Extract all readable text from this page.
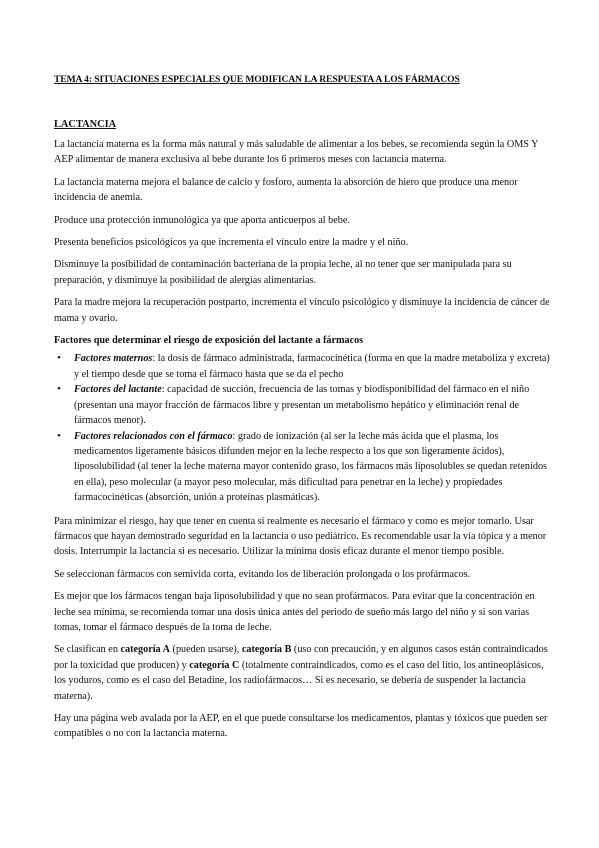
TEMA 4: SITUACIONES ESPECIALES QUE MODIFICAN LA RESPUESTA A LOS FÁRMACOS
LACTANCIA

La lactancia materna es la forma más natural y más saludable de alimentar a los bebes, se recomienda según la OMS Y AEP alimentar de manera exclusiva al bebe durante los 6 primeros meses con lactancia materna.

La lactancia materna mejora el balance de calcio y fosforo, aumenta la absorción de hiero que produce una menor incidencia de anemia.

Produce una protección inmunológica ya que aporta anticuerpos al bebe.

Presenta beneficios psicológicos ya que incrementa el vínculo entre la madre y el niño.

Disminuye la posibilidad de contaminación bacteriana de la propia leche, al no tener que ser manipulada para su preparación, y disminuye la posibilidad de alergias alimentarias.

Para la madre mejora la recuperación postparto, incrementa el vínculo psicológico y disminuye la incidencia de cáncer de mama y ovario.

Factores que determinar el riesgo de exposición del lactante a fármacos

• Factores maternos: la dosis de fármaco administrada, farmacocinética (forma en que la madre metaboliza y excreta) y el tiempo desde que se toma el fármaco hasta que se da el pecho
• Factores del lactante: capacidad de succión, frecuencia de las tomas y biodisponibilidad del fármaco en el niño (presentan una mayor fracción de fármacos libre y presentan un metabolismo hepático y eliminación renal de fármacos menor).
• Factores relacionados con el fármaco: grado de ionización (al ser la leche más ácida que el plasma, los medicamentos ligeramente básicos difunden mejor en la leche respecto a los que son ligeramente ácidos), liposolubilidad (al tener la leche materna mayor contenido graso, los fármacos más liposolubles se quedan retenidos en ella), peso molecular (a mayor peso molecular, más dificultad para penetrar en la leche) y propiedades farmacocinéticas (absorción, unión a proteínas plasmáticas).

Para minimizar el riesgo, hay que tener en cuenta si realmente es necesario el fármaco y como es mejor tomarlo. Usar fármacos que hayan demostrado seguridad en la lactancia o uso pediátrico. Es recomendable usar la vía tópica y a menor dosis. Interrumpir la lactancia si es necesario. Utilizar la mínima dosis eficaz durante el menor tiempo posible.

Se seleccionan fármacos con semivida corta, evitando los de liberación prolongada o los profármacos.

Es mejor que los fármacos tengan baja liposolubilidad y que no sean profármacos. Para evitar que la concentración en leche sea mínima, se recomienda tomar una dosis única antes del periodo de sueño más largo del niño y si son varias tomas, tomar el fármaco después de la toma de leche.

Se clasifican en categoría A (pueden usarse), categoría B (uso con precaución, y en algunos casos están contraindicados por la toxicidad que producen) y categoría C (totalmente contraindicados, como es el caso del litio, los antineoplásicos, los yoduros, como es el caso del Betadine, los radiofármacos… Si es necesario, se debería de suspender la lactancia materna).

Hay una página web avalada por la AEP, en el que puede consultarse los medicamentos, plantas y tóxicos que pueden ser compatibles o no con la lactancia materna.
